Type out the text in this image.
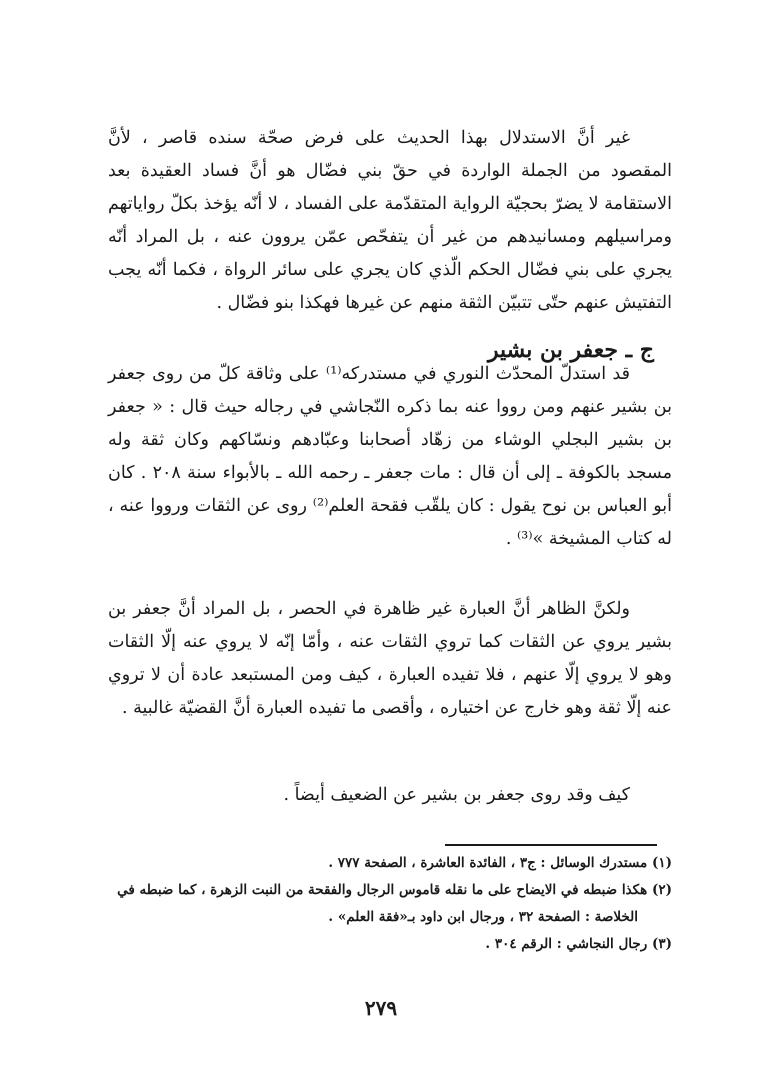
غير أنَّ الاستدلال بهذا الحديث على فرض صحّة سنده قاصر ، لأنَّ المقصود من الجملة الواردة في حقّ بني فضّال هو أنَّ فساد العقيدة بعد الاستقامة لا يضرّ بحجيّة الرواية المتقدّمة على الفساد ، لا أنّه يؤخذ بكلّ رواياتهم ومراسيلهم ومسانيدهم من غير أن يتفحّص عمّن يروون عنه ، بل المراد أنّه يجري على بني فضّال الحكم الّذي كان يجري على سائر الرواة ، فكما أنّه يجب التفتيش عنهم حتّى تتبيّن الثقة منهم عن غيرها فهكذا بنو فضّال .

ج ـ جعفر بن بشير

قد استدلّ المحدّث النوري في مستدركه⁽¹⁾ على وثاقة كلّ من روى جعفر بن بشير عنهم ومن رووا عنه بما ذكره النّجاشي في رجاله حيث قال : « جعفر بن بشير البجلي الوشاء من زهّاد أصحابنا وعبّادهم ونسّاكهم وكان ثقة وله مسجد بالكوفة ـ إلى أن قال : مات جعفر ـ رحمه الله ـ بالأبواء سنة ٢٠٨ . كان أبو العباس بن نوح يقول : كان يلقّب فقحة العلم⁽²⁾ روى عن الثقات ورووا عنه ، له كتاب المشيخة »⁽³⁾ .

ولكنَّ الظاهر أنَّ العبارة غير ظاهرة في الحصر ، بل المراد أنَّ جعفر بن بشير يروي عن الثقات كما تروي الثقات عنه ، وأمّا إنّه لا يروي عنه إلّا الثقات وهو لا يروي إلّا عنهم ، فلا تفيده العبارة ، كيف ومن المستبعد عادة أن لا تروي عنه إلّا ثقة وهو خارج عن اختياره ، وأقصى ما تفيده العبارة أنَّ القضيّة غالبية .

كيف وقد روى جعفر بن بشير عن الضعيف أيضاً .

(١) مستدرك الوسائل : ج٣ ، الفائدة العاشرة ، الصفحة ٧٧٧ .

(٢) هكذا ضبطه في الايضاح على ما نقله قاموس الرجال والفقحة من النبت الزهرة ، كما ضبطه في

الخلاصة : الصفحة ٣٢ ، ورجال ابن داود بـ«فقة العلم» .

(٣) رجال النجاشي : الرقم ٣٠٤ .

٢٧٩
